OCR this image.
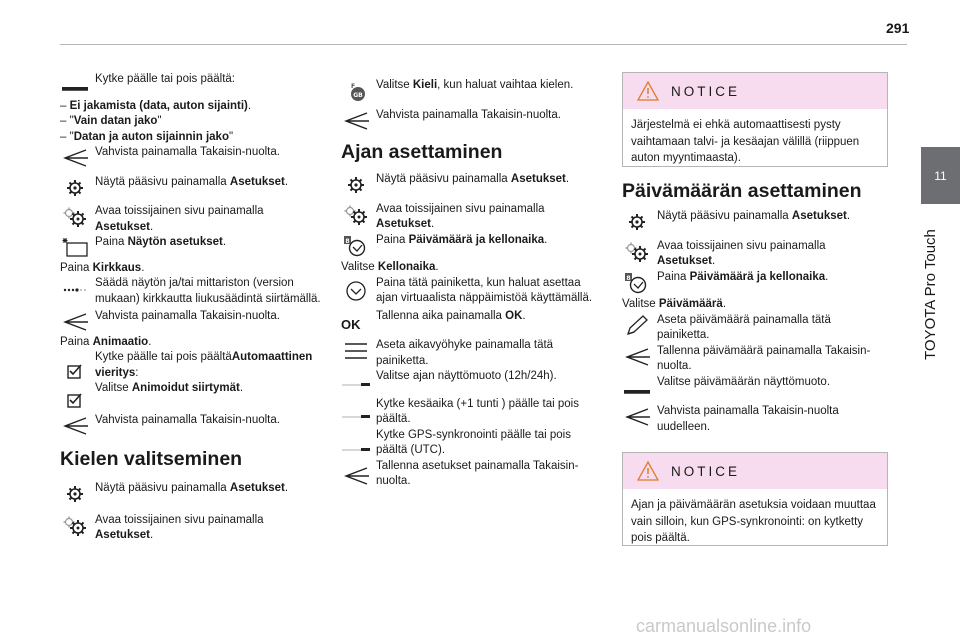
291
11
TOYOTA Pro Touch
Kytke päälle tai pois päältä:
– Ei jakamista (data, auton sijainti).
– "Vain datan jako"
– "Datan ja auton sijainnin jako"
Vahvista painamalla Takaisin-nuolta.
Näytä pääsivu painamalla Asetukset.
Avaa toissijainen sivu painamalla Asetukset.
Paina Näytön asetukset.
Paina Kirkkaus.
Säädä näytön ja/tai mittariston (version mukaan) kirkkautta liukusäädintä siirtämällä.
Vahvista painamalla Takaisin-nuolta.
Paina Animaatio.
Kytke päälle tai pois päältäAutomaattinen vieritys:
Valitse Animoidut siirtymät.
Vahvista painamalla Takaisin-nuolta.
Kielen valitseminen
Näytä pääsivu painamalla Asetukset.
Avaa toissijainen sivu painamalla Asetukset.
Valitse Kieli, kun haluat vaihtaa kielen.
Vahvista painamalla Takaisin-nuolta.
Ajan asettaminen
Näytä pääsivu painamalla Asetukset.
Avaa toissijainen sivu painamalla Asetukset.
Paina Päivämäärä ja kellonaika.
Valitse Kellonaika.
Paina tätä painiketta, kun haluat asettaa ajan virtuaalista näppäimistöä käyttämällä.
OK
Tallenna aika painamalla OK.
Aseta aikavyöhyke painamalla tätä painiketta.
Valitse ajan näyttömuoto (12h/24h).
Kytke kesäaika (+1 tunti ) päälle tai pois päältä.
Kytke GPS-synkronointi päälle tai pois päältä (UTC).
Tallenna asetukset painamalla Takaisin-nuolta.
NOTICE
Järjestelmä ei ehkä automaattisesti pysty vaihtamaan talvi- ja kesäajan välillä (riippuen auton myyntimaasta).
Päivämäärän asettaminen
Näytä pääsivu painamalla Asetukset.
Avaa toissijainen sivu painamalla Asetukset.
Paina Päivämäärä ja kellonaika.
Valitse Päivämäärä.
Aseta päivämäärä painamalla tätä painiketta.
Tallenna päivämäärä painamalla Takaisin-nuolta.
Valitse päivämäärän näyttömuoto.
Vahvista painamalla Takaisin-nuolta uudelleen.
NOTICE
Ajan ja päivämäärän asetuksia voidaan muuttaa vain silloin, kun GPS-synkronointi: on kytketty pois päältä.
carmanualsonline.info
